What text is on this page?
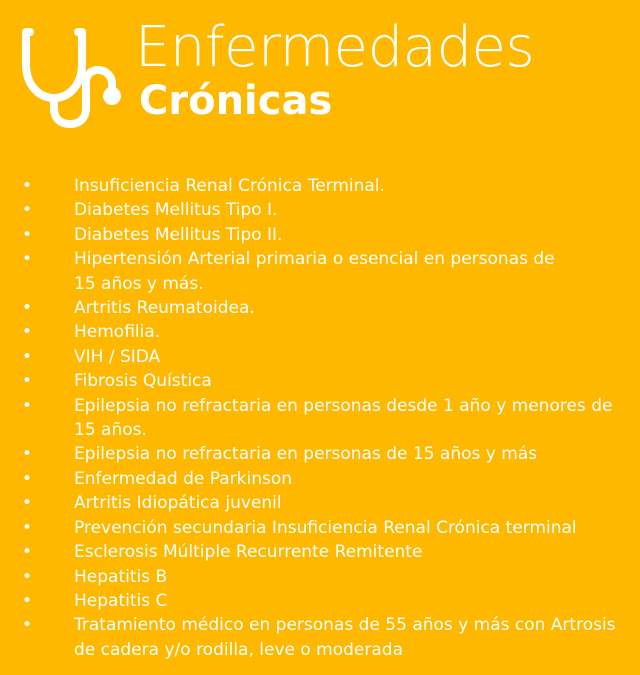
Enfermedades
Crónicas
• Insuficiencia Renal Crónica Terminal.
• Diabetes Mellitus Tipo I.
• Diabetes Mellitus Tipo II.
• Hipertensión Arterial primaria o esencial en personas de
15 años y más.
• Artritis Reumatoidea.
• Hemofilia.
• VIH / SIDA
• Fibrosis Quística
• Epilepsia no refractaria en personas desde 1 año y menores de
15 años.
• Epilepsia no refractaria en personas de 15 años y más
• Enfermedad de Parkinson
• Artritis Idiopática juvenil
• Prevención secundaria Insuficiencia Renal Crónica terminal
• Esclerosis Múltiple Recurrente Remitente
• Hepatitis B
• Hepatitis C
• Tratamiento médico en personas de 55 años y más con Artrosis
de cadera y/o rodilla, leve o moderada
